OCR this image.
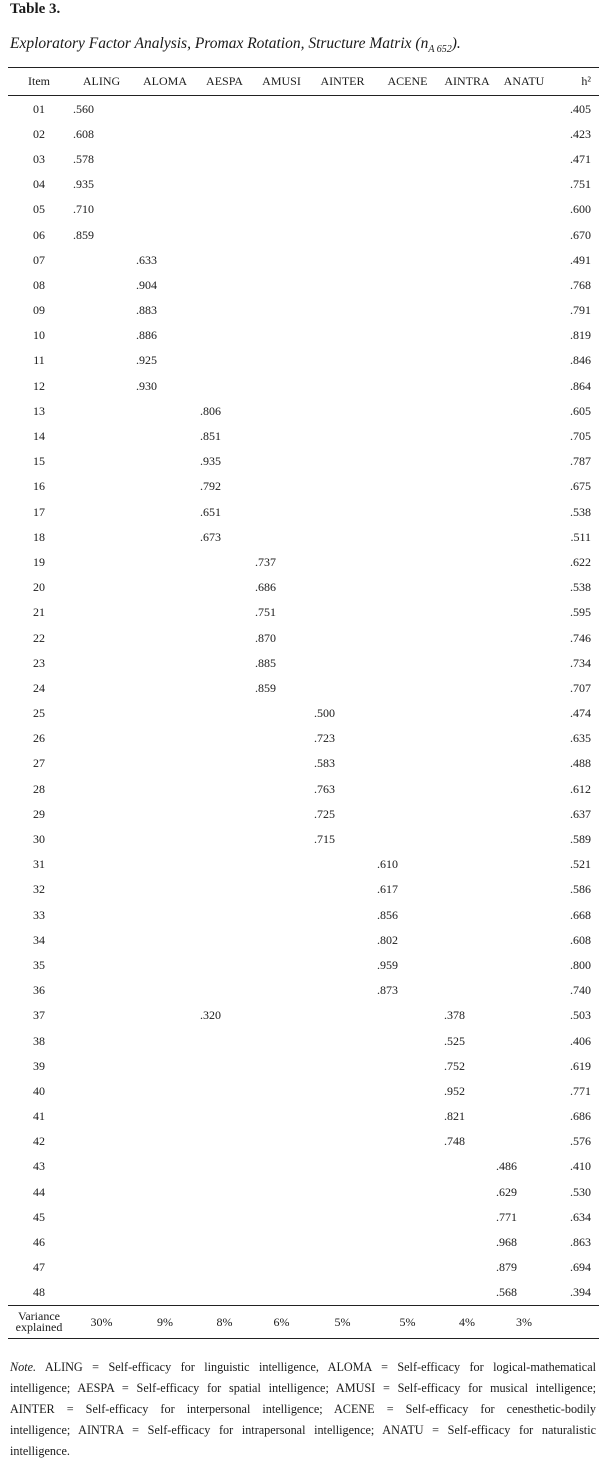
Table 3.
Exploratory Factor Analysis, Promax Rotation, Structure Matrix $(n_{A 652})$.
Item	ALING	ALOMA	AESPA	AMUSI	AINTER	ACENE	AINTRA	ANATU	h²
01	.560								.405
02	.608								.423
03	.578								.471
04	.935								.751
05	.710								.600
06	.859								.670
07		.633							.491
08		.904							.768
09		.883							.791
10		.886							.819
11		.925							.846
12		.930							.864
13			.806						.605
14			.851						.705
15			.935						.787
16			.792						.675
17			.651						.538
18			.673						.511
19				.737					.622
20				.686					.538
21				.751					.595
22				.870					.746
23				.885					.734
24				.859					.707
25					.500				.474
26					.723				.635
27					.583				.488
28					.763				.612
29					.725				.637
30					.715				.589
31						.610			.521
32						.617			.586
33						.856			.668
34						.802			.608
35						.959			.800
36						.873			.740
37			.320				.378		.503
38							.525		.406
39							.752		.619
40							.952		.771
41							.821		.686
42							.748		.576
43								.486	.410
44								.629	.530
45								.771	.634
46								.968	.863
47								.879	.694
48								.568	.394

Variance
explained	30%	9%	8%	6%	5%	5%	4%	3%	
Note. ALING = Self-efficacy for linguistic intelligence, ALOMA = Self-efficacy for logical-mathematical
intelligence; AESPA = Self-efficacy for spatial intelligence; AMUSI = Self-efficacy for musical intelligence;
AINTER = Self-efficacy for interpersonal intelligence; ACENE = Self-efficacy for cenesthetic-bodily
intelligence; AINTRA = Self-efficacy for intrapersonal intelligence; ANATU = Self-efficacy for naturalistic
intelligence.
